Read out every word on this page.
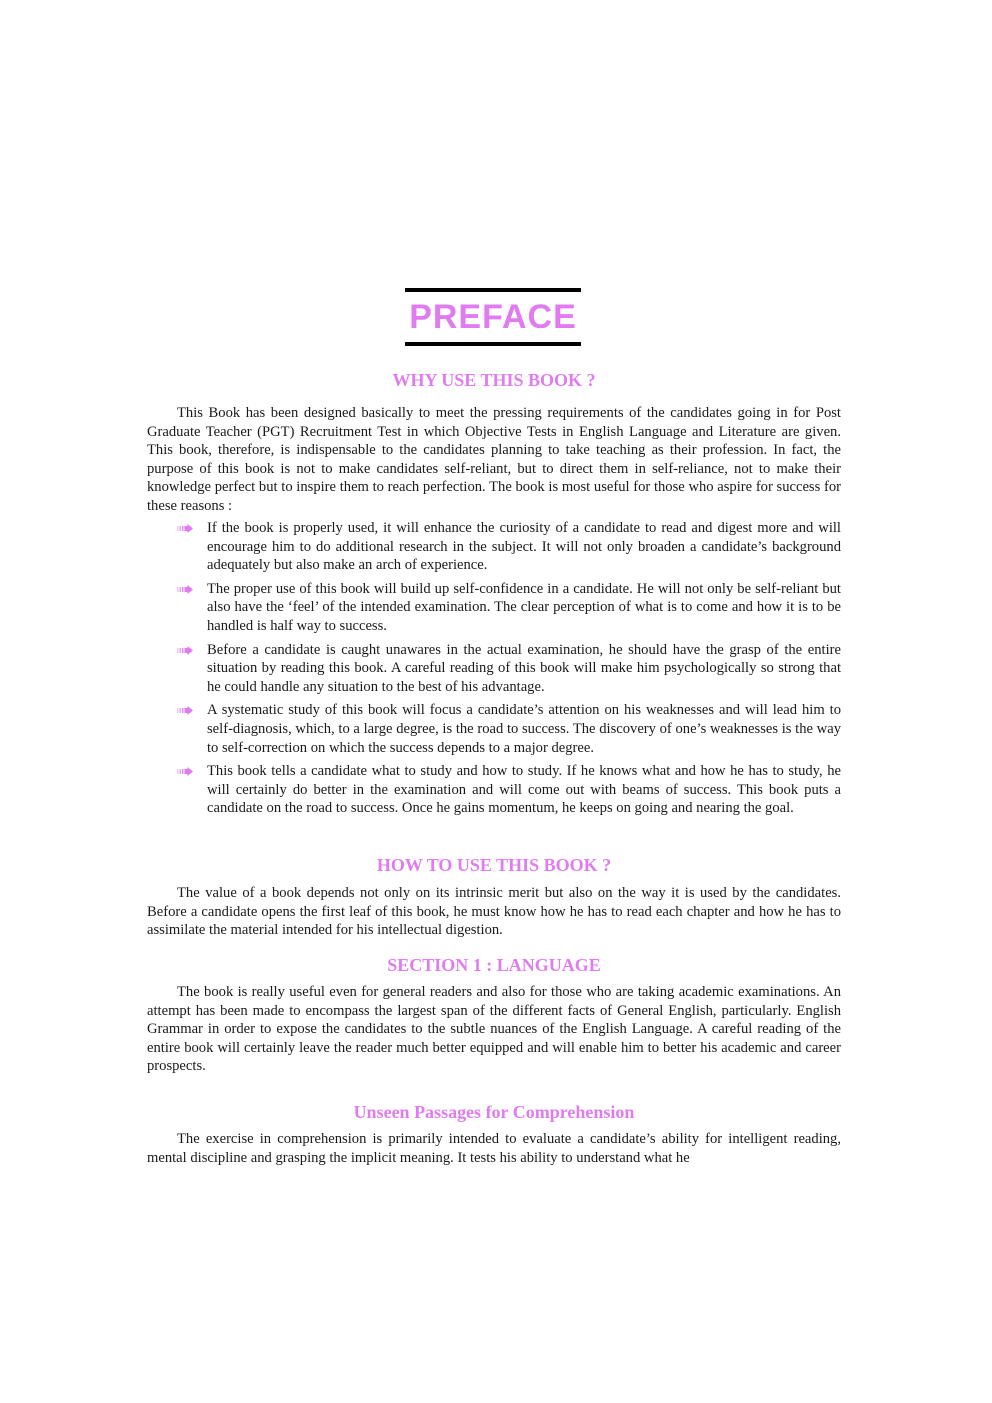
PREFACE
WHY USE THIS BOOK ?

This Book has been designed basically to meet the pressing requirements of the candidates going in for Post Graduate Teacher (PGT) Recruitment Test in which Objective Tests in English Language and Literature are given. This book, therefore, is indispensable to the candidates planning to take teaching as their profession. In fact, the purpose of this book is not to make candidates self-reliant, but to direct them in self-reliance, not to make their knowledge perfect but to inspire them to reach perfection. The book is most useful for those who aspire for success for these reasons :

If the book is properly used, it will enhance the curiosity of a candidate to read and digest more and will encourage him to do additional research in the subject. It will not only broaden a candidate’s background adequately but also make an arch of experience.
The proper use of this book will build up self-confidence in a candidate. He will not only be self-reliant but also have the ‘feel’ of the intended examination. The clear perception of what is to come and how it is to be handled is half way to success.
Before a candidate is caught unawares in the actual examination, he should have the grasp of the entire situation by reading this book. A careful reading of this book will make him psychologically so strong that he could handle any situation to the best of his advantage.
A systematic study of this book will focus a candidate’s attention on his weaknesses and will lead him to self-diagnosis, which, to a large degree, is the road to success. The discovery of one’s weaknesses is the way to self-correction on which the success depends to a major degree.
This book tells a candidate what to study and how to study. If he knows what and how he has to study, he will certainly do better in the examination and will come out with beams of success. This book puts a candidate on the road to success. Once he gains momentum, he keeps on going and nearing the goal.
HOW TO USE THIS BOOK ?

The value of a book depends not only on its intrinsic merit but also on the way it is used by the candidates. Before a candidate opens the first leaf of this book, he must know how he has to read each chapter and how he has to assimilate the material intended for his intellectual digestion.

SECTION 1 : LANGUAGE

The book is really useful even for general readers and also for those who are taking academic examinations. An attempt has been made to encompass the largest span of the different facts of General English, particularly. English Grammar in order to expose the candidates to the subtle nuances of the English Language. A careful reading of the entire book will certainly leave the reader much better equipped and will enable him to better his academic and career prospects.

Unseen Passages for Comprehension

The exercise in comprehension is primarily intended to evaluate a candidate’s ability for intelligent reading, mental discipline and grasping the implicit meaning. It tests his ability to understand what he
